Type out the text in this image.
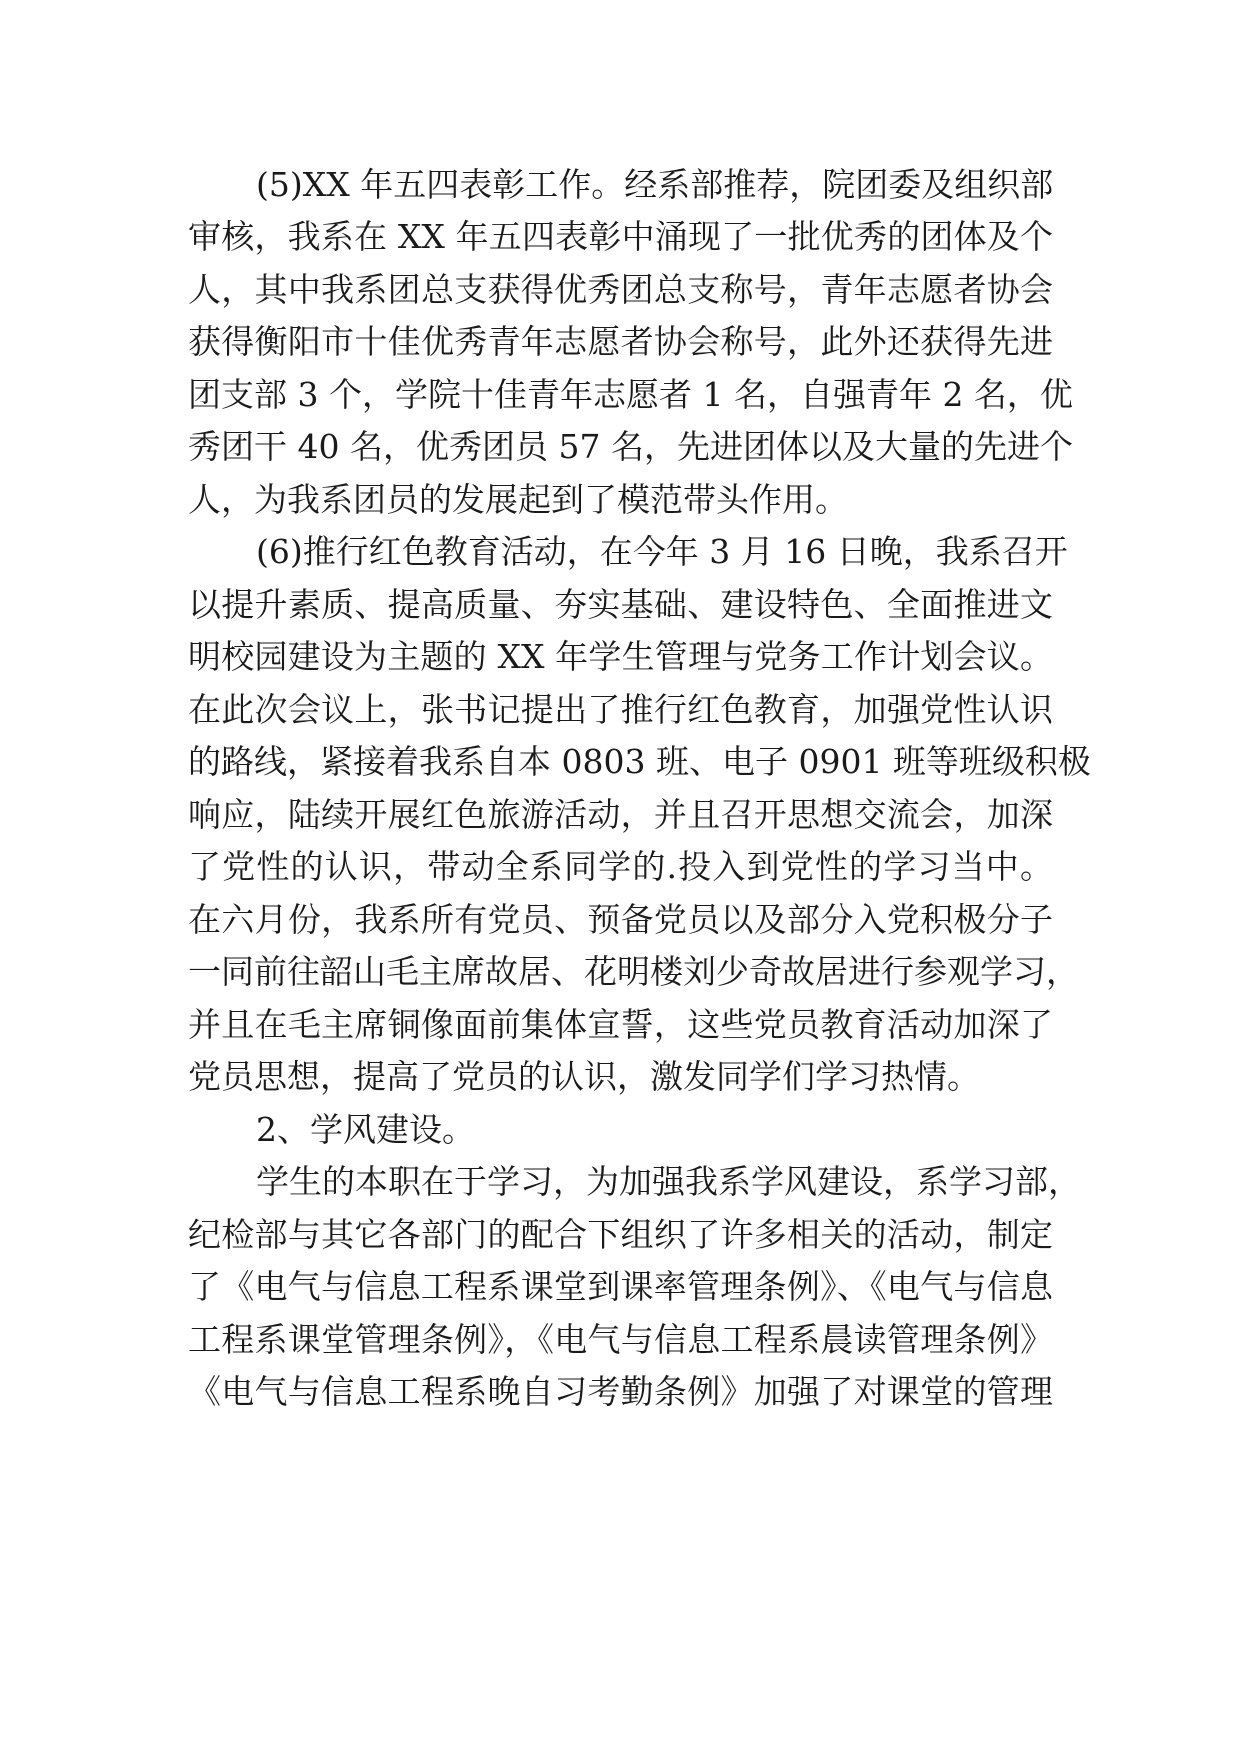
(5)XX 年五四表彰工作。经系部推荐，院团委及组织部
审核，我系在 XX 年五四表彰中涌现了一批优秀的团体及个
人，其中我系团总支获得优秀团总支称号，青年志愿者协会
获得衡阳市十佳优秀青年志愿者协会称号，此外还获得先进
团支部 3 个，学院十佳青年志愿者 1 名，自强青年 2 名，优
秀团干 40 名，优秀团员 57 名，先进团体以及大量的先进个
人，为我系团员的发展起到了模范带头作用。
(6)推行红色教育活动，在今年 3 月 16 日晚，我系召开
以提升素质、提高质量、夯实基础、建设特色、全面推进文
明校园建设为主题的 XX 年学生管理与党务工作计划会议。
在此次会议上，张书记提出了推行红色教育，加强党性认识
的路线，紧接着我系自本 0803 班、电子 0901 班等班级积极
响应，陆续开展红色旅游活动，并且召开思想交流会，加深
了党性的认识，带动全系同学的.投入到党性的学习当中。
在六月份，我系所有党员、预备党员以及部分入党积极分子
一同前往韶山毛主席故居、花明楼刘少奇故居进行参观学习，
并且在毛主席铜像面前集体宣誓，这些党员教育活动加深了
党员思想，提高了党员的认识，激发同学们学习热情。
2、学风建设。
学生的本职在于学习，为加强我系学风建设，系学习部，
纪检部与其它各部门的配合下组织了许多相关的活动，制定
了《电气与信息工程系课堂到课率管理条例》、《电气与信息
工程系课堂管理条例》，《电气与信息工程系晨读管理条例》
《电气与信息工程系晚自习考勤条例》加强了对课堂的管理
